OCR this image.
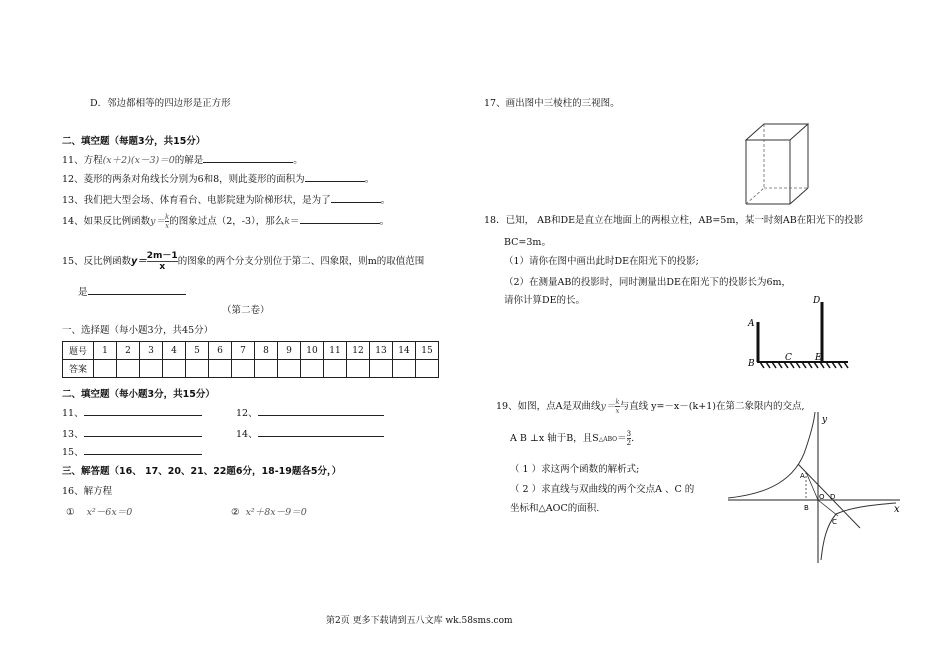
D．邻边都相等的四边形是正方形
二、填空题（每题3分，共15分）
11、方程(x＋2)(x－3)＝0的解是	。
12、菱形的两条对角线长分别为6和8，则此菱形的面积为	。
13、我们把大型会场、体育看台、电影院建为阶梯形状，是为了	。
14、如果反比例函数$y= \frac{k}{x}$ 的图象过点（2，-3），那么k＝	。
15、反比例函数$y= \frac{2m-1}{x}$ 的图象的两个分支分别位于第二、四象限，则m的取值范围
是
（第二卷）
一、选择题（每小题3分，共45分）
题号	1	2	3	4	5	6	7	8	9	10	11	12	13	14	15
答案															
二、填空题（每小题3分，共15分）
11、	12、
13、	14、
15、
三、解答题（16、 17、20、21、22题6分，18-19题各5分，）
16、解方程
① x²－6x＝0	② x²＋8x－9＝0
17、画出图中三棱柱的三视图。
18．已知， AB和DE是直立在地面上的两根立柱，AB=5m，某一时刻AB在阳光下的投影
BC=3m。
（1）请你在图中画出此时DE在阳光下的投影;
（2）在测量AB的投影时，同时测量出DE在阳光下的投影长为6m，
请你计算DE的长。
A
B
C
D
E
19、如图，点A是双曲线$y= \frac{k}{x}$ 与直线 y=－x－(k+1)在第二象限内的交点,
A B ⊥x 轴于B，且S△ABO＝ $\frac{3}{2}$ .
（ 1 ）求这两个函数的解析式;
（ 2 ）求直线与双曲线的两个交点A 、C 的
坐标和△AOC的面积.
y
x
A
B
O D
C
第2页 更多下载请到五八文库 wk.58sms.com
